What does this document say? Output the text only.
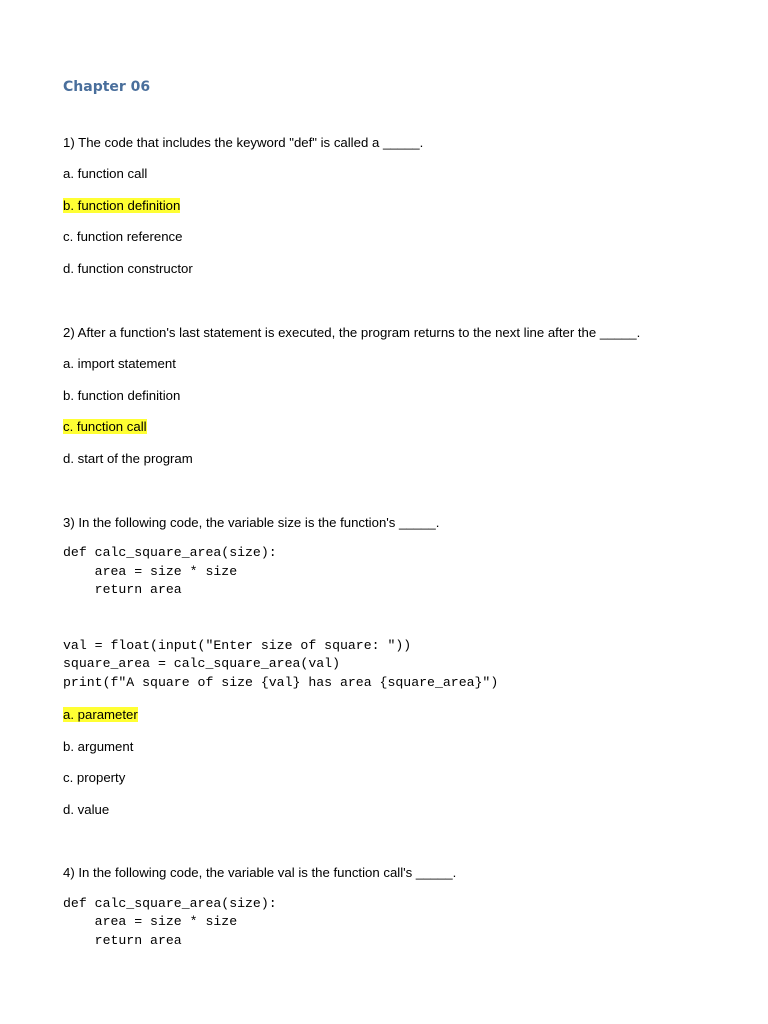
Chapter 06

1) The code that includes the keyword "def" is called a _____.

a. function call

b. function definition

c. function reference

d. function constructor

2) After a function's last statement is executed, the program returns to the next line after the _____.

a. import statement

b. function definition

c. function call

d. start of the program

3) In the following code, the variable size is the function's _____.

def calc_square_area(size):

area = size * size

return area

val = float(input("Enter size of square: "))

square_area = calc_square_area(val)

print(f"A square of size {val} has area {square_area}")

a. parameter

b. argument

c. property

d. value

4) In the following code, the variable val is the function call's _____.

def calc_square_area(size):

area = size * size

return area
